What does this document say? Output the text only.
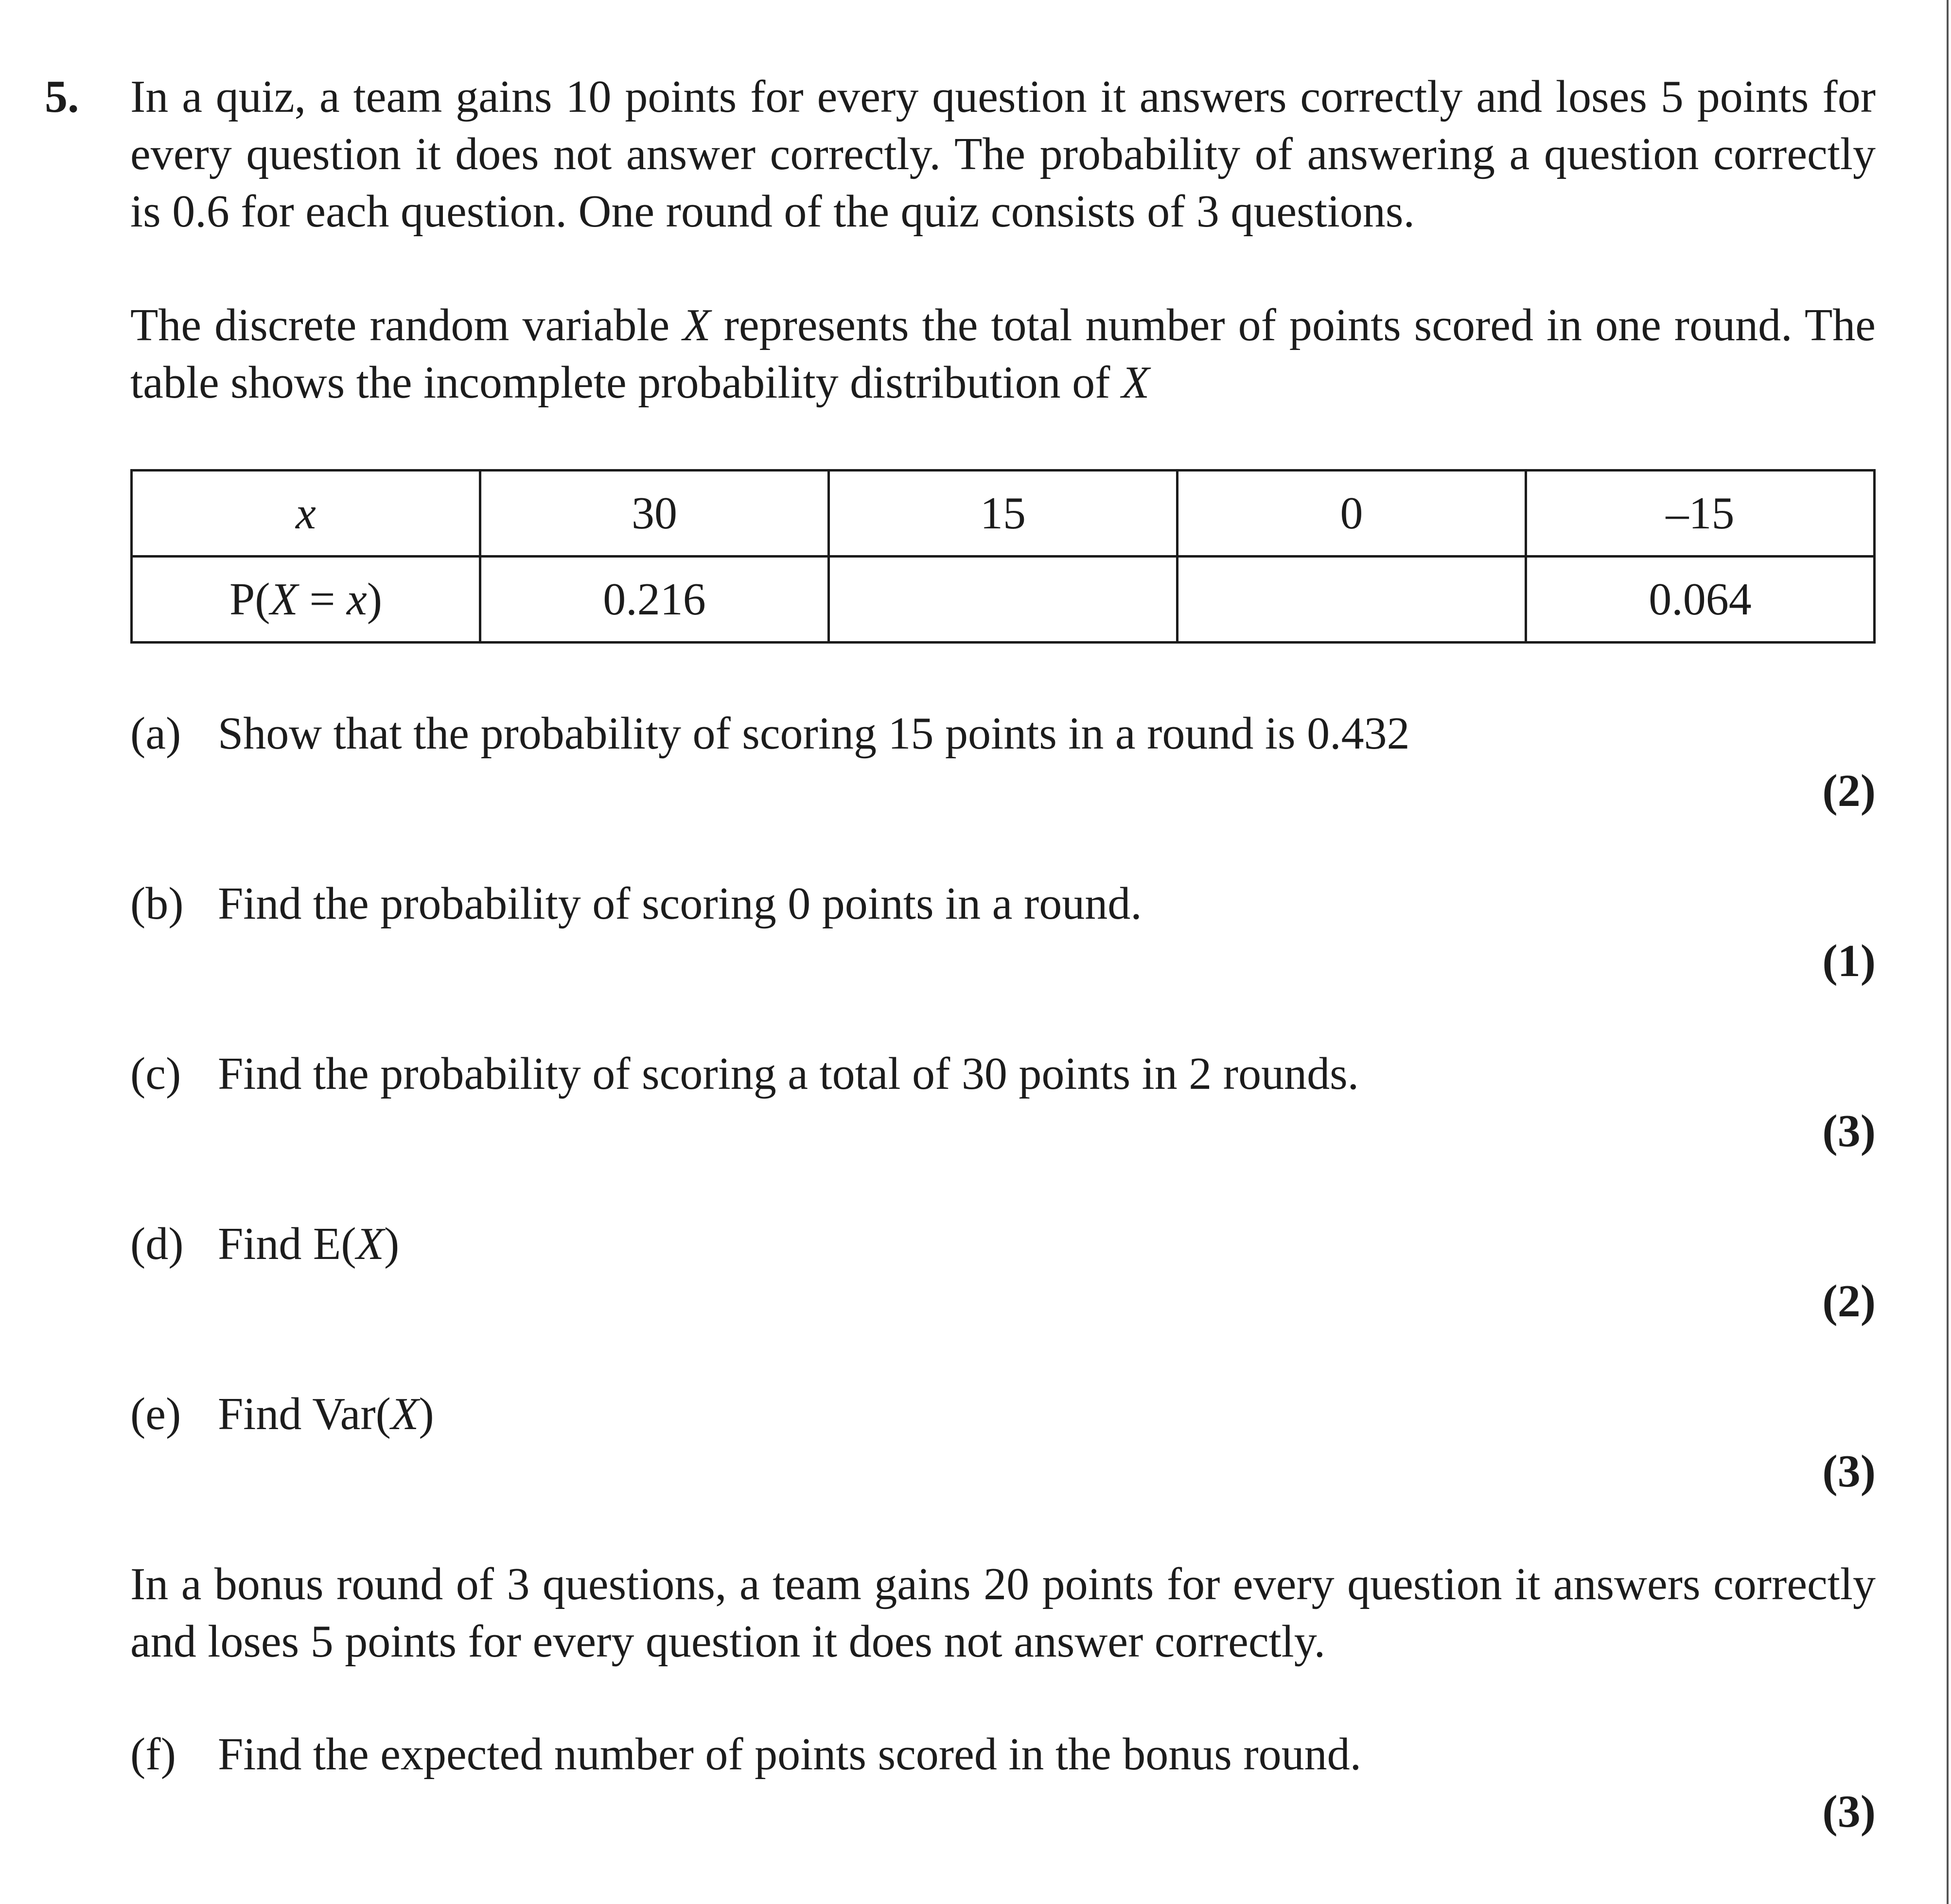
5. In a quiz, a team gains 10 points for every question it answers correctly and loses 5 points for every question it does not answer correctly. The probability of answering a question correctly is 0.6 for each question. One round of the quiz consists of 3 questions.
The discrete random variable X represents the total number of points scored in one round. The table shows the incomplete probability distribution of X
x	30	15	0	–15
P(X = x)	0.216			0.064
(a) Show that the probability of scoring 15 points in a round is 0.432
(2)
(b) Find the probability of scoring 0 points in a round.
(1)
(c) Find the probability of scoring a total of 30 points in 2 rounds.
(3)
(d) Find E(X)
(2)
(e) Find Var(X)
(3)
In a bonus round of 3 questions, a team gains 20 points for every question it answers correctly and loses 5 points for every question it does not answer correctly.
(f) Find the expected number of points scored in the bonus round.
(3)
